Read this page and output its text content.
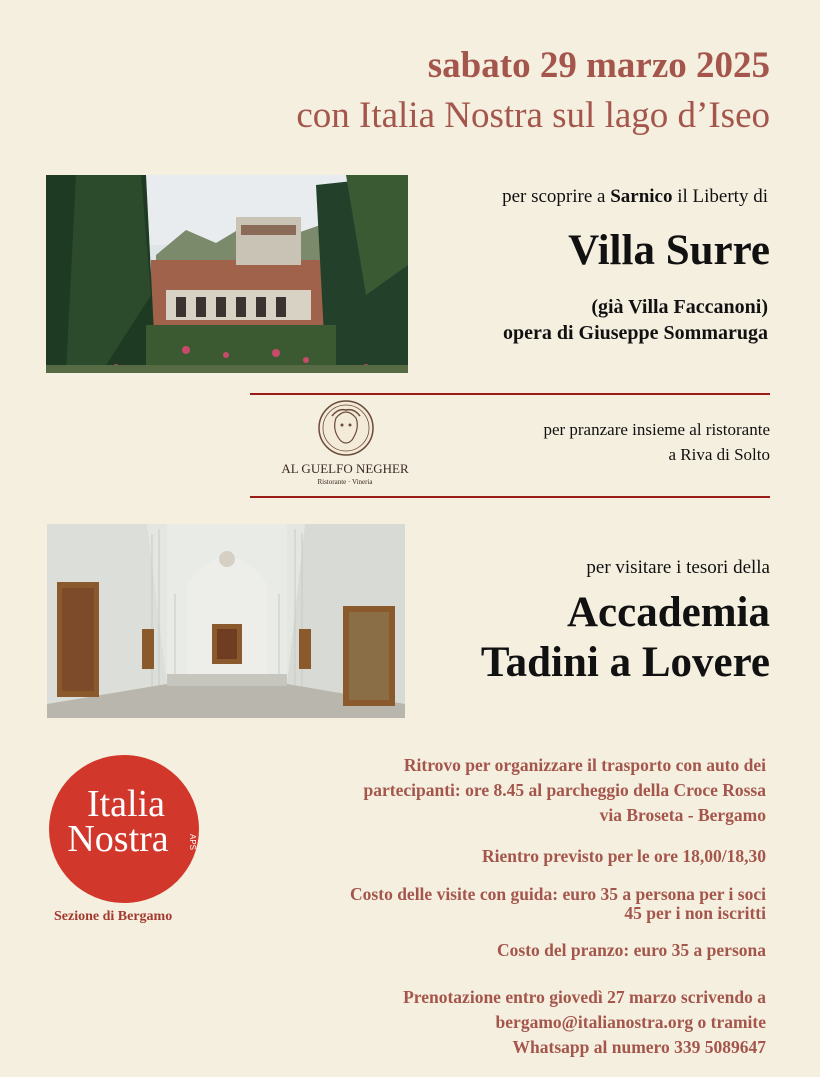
sabato 29 marzo 2025
con Italia Nostra sul lago d’Iseo
per scoprire a Sarnico il Liberty di
Villa Surre
(già Villa Faccanoni)
opera di Giuseppe Sommaruga
AL GUELFO NEGHER
Ristorante · Vineria
per pranzare insieme al ristorante
a Riva di Solto
per visitare i tesori della
Accademia
Tadini a Lovere
Italia
Nostra APS
Sezione di Bergamo
Ritrovo per organizzare il trasporto con auto dei
partecipanti: ore 8.45 al parcheggio della Croce Rossa
via Broseta - Bergamo
Rientro previsto per le ore 18,00/18,30
Costo delle visite con guida: euro 35 a persona per i soci
45 per i non iscritti
Costo del pranzo: euro 35 a persona
Prenotazione entro giovedì 27 marzo scrivendo a
bergamo@italianostra.org o tramite
Whatsapp al numero 339 5089647
